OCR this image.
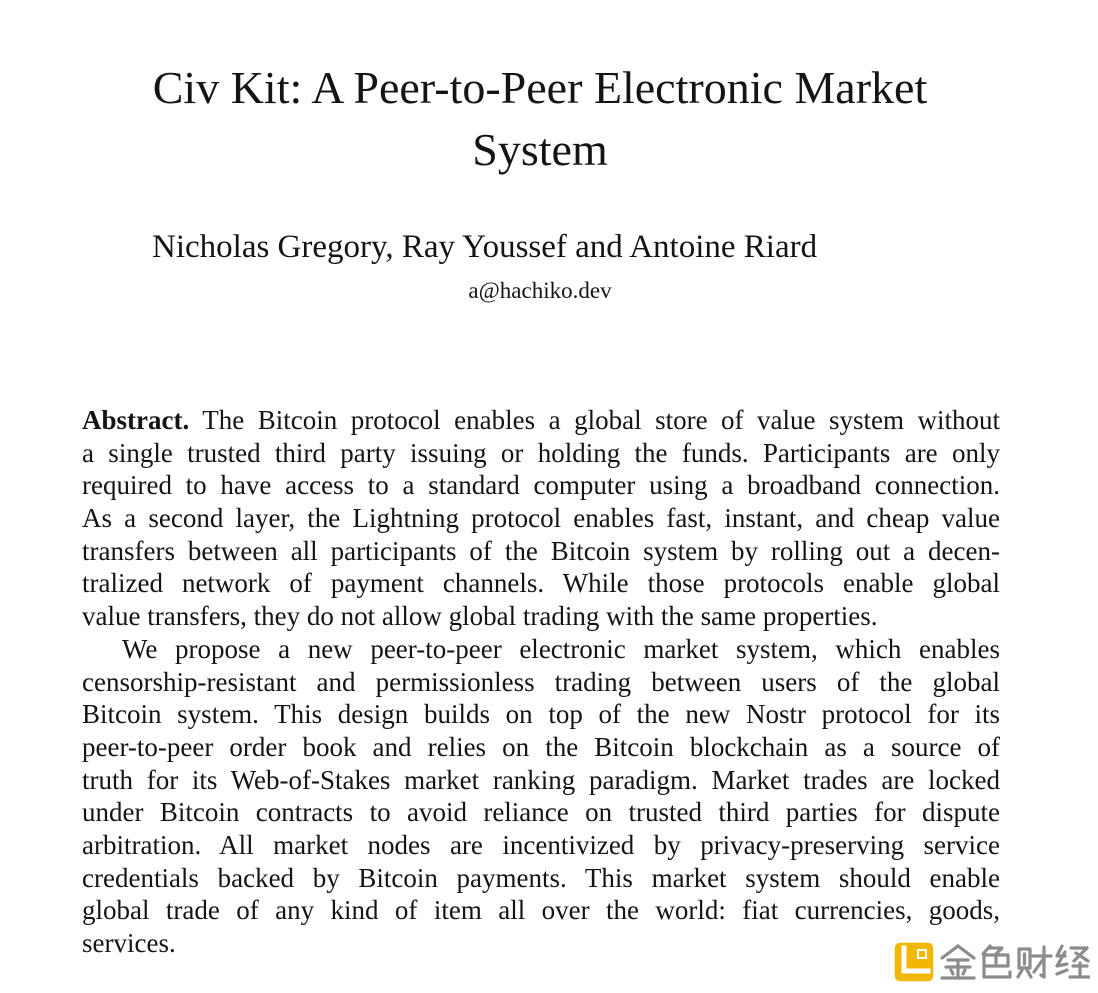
Civ Kit: A Peer-to-Peer Electronic Market
System
Nicholas Gregory, Ray Youssef and Antoine Riard
a@hachiko.dev
Abstract. The Bitcoin protocol enables a global store of value system without
a single trusted third party issuing or holding the funds. Participants are only
required to have access to a standard computer using a broadband connection.
As a second layer, the Lightning protocol enables fast, instant, and cheap value
transfers between all participants of the Bitcoin system by rolling out a decen-
tralized network of payment channels. While those protocols enable global
value transfers, they do not allow global trading with the same properties.
We propose a new peer-to-peer electronic market system, which enables
censorship-resistant and permissionless trading between users of the global
Bitcoin system. This design builds on top of the new Nostr protocol for its
peer-to-peer order book and relies on the Bitcoin blockchain as a source of
truth for its Web-of-Stakes market ranking paradigm. Market trades are locked
under Bitcoin contracts to avoid reliance on trusted third parties for dispute
arbitration. All market nodes are incentivized by privacy-preserving service
credentials backed by Bitcoin payments. This market system should enable
global trade of any kind of item all over the world: fiat currencies, goods,
services.
